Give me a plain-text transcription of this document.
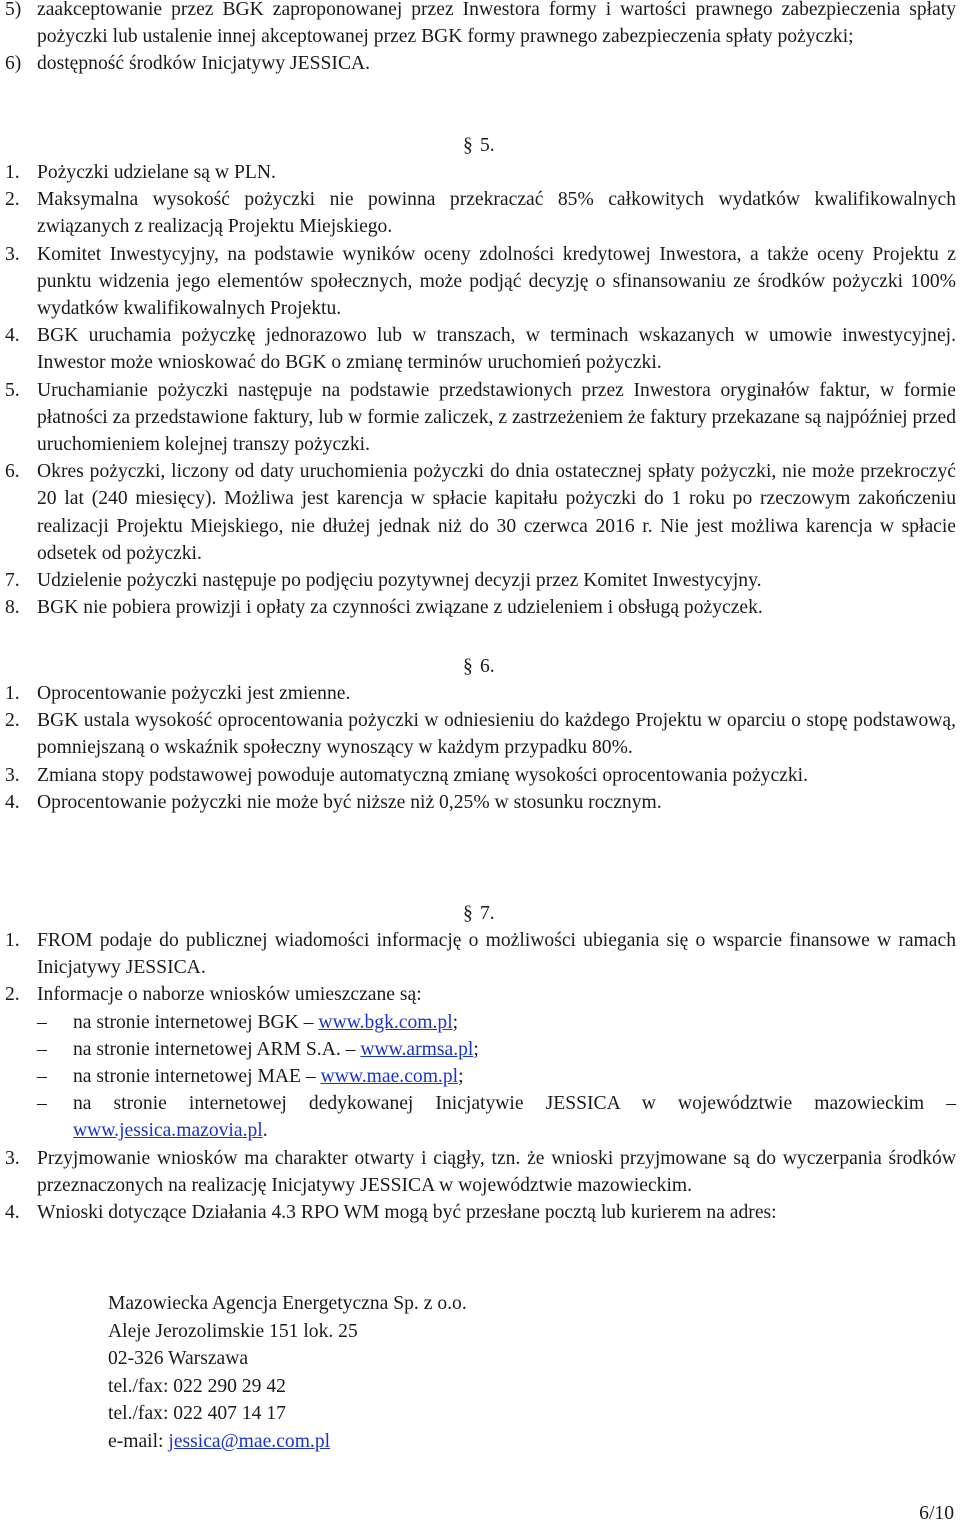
5) zaakceptowanie przez BGK zaproponowanej przez Inwestora formy i wartości prawnego zabezpieczenia spłaty pożyczki lub ustalenie innej akceptowanej przez BGK formy prawnego zabezpieczenia spłaty pożyczki;
6) dostępność środków Inicjatywy JESSICA.
§ 5.
1. Pożyczki udzielane są w PLN.
2. Maksymalna wysokość pożyczki nie powinna przekraczać 85% całkowitych wydatków kwalifikowalnych związanych z realizacją Projektu Miejskiego.
3. Komitet Inwestycyjny, na podstawie wyników oceny zdolności kredytowej Inwestora, a także oceny Projektu z punktu widzenia jego elementów społecznych, może podjąć decyzję o sfinansowaniu ze środków pożyczki 100% wydatków kwalifikowalnych Projektu.
4. BGK uruchamia pożyczkę jednorazowo lub w transzach, w terminach wskazanych w umowie inwestycyjnej. Inwestor może wnioskować do BGK o zmianę terminów uruchomień pożyczki.
5. Uruchamianie pożyczki następuje na podstawie przedstawionych przez Inwestora oryginałów faktur, w formie płatności za przedstawione faktury, lub w formie zaliczek, z zastrzeżeniem że faktury przekazane są najpóźniej przed uruchomieniem kolejnej transzy pożyczki.
6. Okres pożyczki, liczony od daty uruchomienia pożyczki do dnia ostatecznej spłaty pożyczki, nie może przekroczyć 20 lat (240 miesięcy). Możliwa jest karencja w spłacie kapitału pożyczki do 1 roku po rzeczowym zakończeniu realizacji Projektu Miejskiego, nie dłużej jednak niż do 30 czerwca 2016 r. Nie jest możliwa karencja w spłacie odsetek od pożyczki.
7. Udzielenie pożyczki następuje po podjęciu pozytywnej decyzji przez Komitet Inwestycyjny.
8. BGK nie pobiera prowizji i opłaty za czynności związane z udzieleniem i obsługą pożyczek.
§ 6.
1. Oprocentowanie pożyczki jest zmienne.
2. BGK ustala wysokość oprocentowania pożyczki w odniesieniu do każdego Projektu w oparciu o stopę podstawową, pomniejszaną o wskaźnik społeczny wynoszący w każdym przypadku 80%.
3. Zmiana stopy podstawowej powoduje automatyczną zmianę wysokości oprocentowania pożyczki.
4. Oprocentowanie pożyczki nie może być niższe niż 0,25% w stosunku rocznym.
§ 7.
1. FROM podaje do publicznej wiadomości informację o możliwości ubiegania się o wsparcie finansowe w ramach Inicjatywy JESSICA.
2. Informacje o naborze wniosków umieszczane są:
– na stronie internetowej BGK – www.bgk.com.pl;
– na stronie internetowej ARM S.A. – www.armsa.pl;
– na stronie internetowej MAE – www.mae.com.pl;
– na stronie internetowej dedykowanej Inicjatywie JESSICA w województwie mazowieckim – www.jessica.mazovia.pl.
3. Przyjmowanie wniosków ma charakter otwarty i ciągły, tzn. że wnioski przyjmowane są do wyczerpania środków przeznaczonych na realizację Inicjatywy JESSICA w województwie mazowieckim.
4. Wnioski dotyczące Działania 4.3 RPO WM mogą być przesłane pocztą lub kurierem na adres:
Mazowiecka Agencja Energetyczna Sp. z o.o.
Aleje Jerozolimskie 151 lok. 25
02-326 Warszawa
tel./fax: 022 290 29 42
tel./fax: 022 407 14 17
e-mail: jessica@mae.com.pl
6/10
